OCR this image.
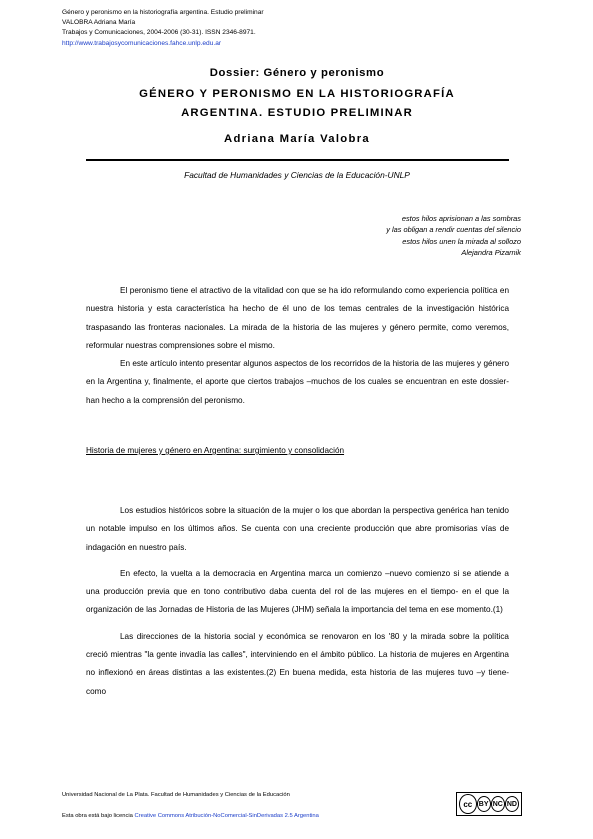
Género y peronismo en la historiografía argentina. Estudio preliminar
VALOBRA Adriana María
Trabajos y Comunicaciones, 2004-2006 (30-31). ISSN 2346-8971.
http://www.trabajosycomunicaciones.fahce.unlp.edu.ar
Dossier: Género y peronismo
GÉNERO Y PERONISMO EN LA HISTORIOGRAFÍA
ARGENTINA. ESTUDIO PRELIMINAR
Adriana María Valobra
Facultad de Humanidades y Ciencias de la Educación-UNLP
estos hilos aprisionan a las sombras
y las obligan a rendir cuentas del silencio
estos hilos unen la mirada al sollozo
Alejandra Pizarnik

El peronismo tiene el atractivo de la vitalidad con que se ha ido reformulando como experiencia política en nuestra historia y esta característica ha hecho de él uno de los temas centrales de la investigación histórica traspasando las fronteras nacionales. La mirada de la historia de las mujeres y género permite, como veremos, reformular nuestras comprensiones sobre el mismo.

En este artículo intento presentar algunos aspectos de los recorridos de la historia de las mujeres y género en la Argentina y, finalmente, el aporte que ciertos trabajos –muchos de los cuales se encuentran en este dossier- han hecho a la comprensión del peronismo.

Historia de mujeres y género en Argentina: surgimiento y consolidación

Los estudios históricos sobre la situación de la mujer o los que abordan la perspectiva genérica han tenido un notable impulso en los últimos años. Se cuenta con una creciente producción que abre promisorias vías de indagación en nuestro país.

En efecto, la vuelta a la democracia en Argentina marca un comienzo –nuevo comienzo si se atiende a una producción previa que en tono contributivo daba cuenta del rol de las mujeres en el tiempo- en el que la organización de las Jornadas de Historia de las Mujeres (JHM) señala la importancia del tema en ese momento.(1)

Las direcciones de la historia social y económica se renovaron en los '80 y la mirada sobre la política creció mientras "la gente invadía las calles", interviniendo en el ámbito público. La historia de mujeres en Argentina no inflexionó en áreas distintas a las existentes.(2) En buena medida, esta historia de las mujeres tuvo –y tiene- como

Universidad Nacional de La Plata. Facultad de Humanidades y Ciencias de la Educación
Esta obra está bajo licencia Creative Commons Atribución-NoComercial-SinDerivadas 2.5 Argentina
cc BY NC ND
